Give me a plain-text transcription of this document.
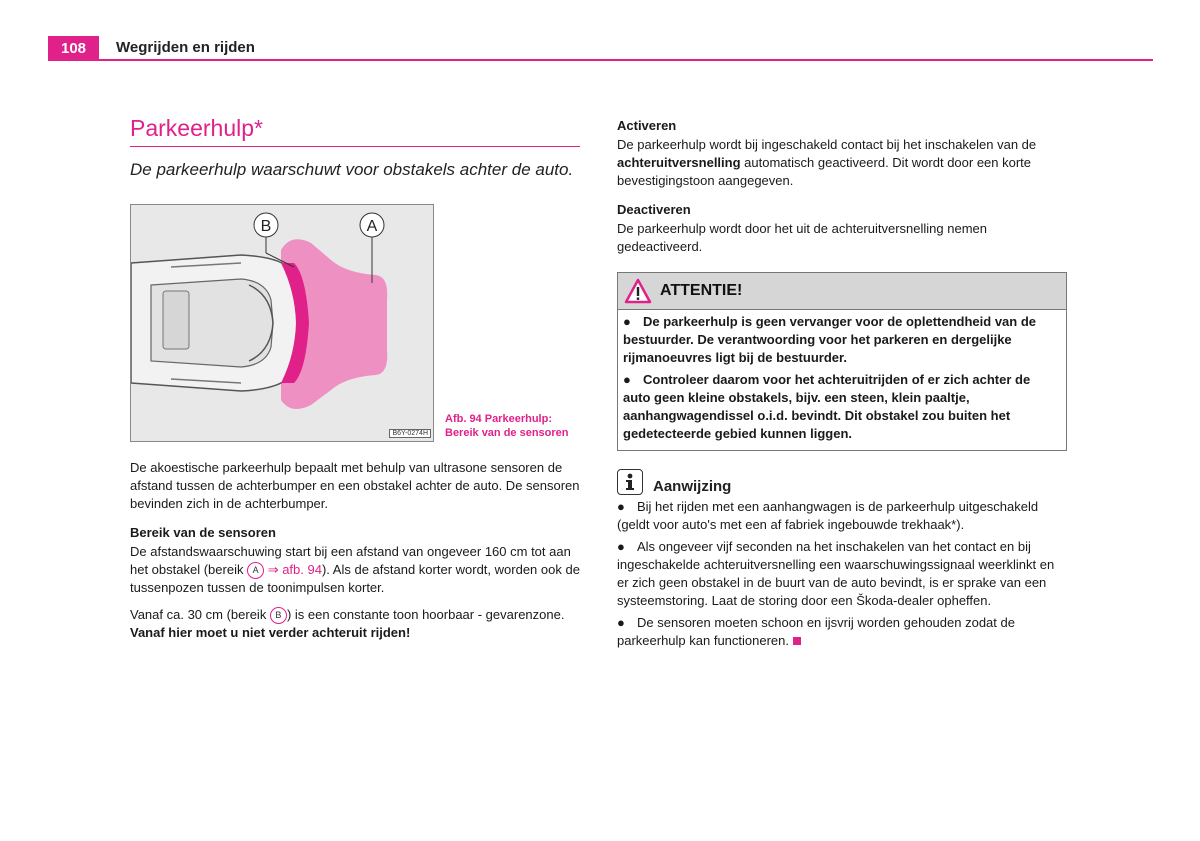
108	Wegrijden en rijden
Parkeerhulp*

De parkeerhulp waarschuwt voor obstakels achter de auto.

B	A
B6Y-0274H
Afb. 94 Parkeerhulp:
Bereik van de sensoren

De akoestische parkeerhulp bepaalt met behulp van ultrasone sensoren de afstand tussen de achterbumper en een obstakel achter de auto. De sensoren bevinden zich in de achterbumper.

Bereik van de sensoren

De afstandswaarschuwing start bij een afstand van ongeveer 160 cm tot aan het obstakel (bereik A ⇒ afb. 94). Als de afstand korter wordt, worden ook de tussenpozen tussen de toonimpulsen korter.

Vanaf ca. 30 cm (bereik B ) is een constante toon hoorbaar - gevarenzone. Vanaf hier moet u niet verder achteruit rijden!

Activeren

De parkeerhulp wordt bij ingeschakeld contact bij het inschakelen van de achteruitversnelling automatisch geactiveerd. Dit wordt door een korte bevestigingstoon aangegeven.

Deactiveren

De parkeerhulp wordt door het uit de achteruitversnelling nemen gedeactiveerd.

ATTENTIE!

● De parkeerhulp is geen vervanger voor de oplettendheid van de bestuurder. De verantwoording voor het parkeren en dergelijke rijmanoeuvres ligt bij de bestuurder.

● Controleer daarom voor het achteruitrijden of er zich achter de auto geen kleine obstakels, bijv. een steen, klein paaltje, aanhangwagendissel o.i.d. bevindt. Dit obstakel zou buiten het gedetecteerde gebied kunnen liggen.

Aanwijzing

● Bij het rijden met een aanhangwagen is de parkeerhulp uitgeschakeld (geldt voor auto's met een af fabriek ingebouwde trekhaak*).

● Als ongeveer vijf seconden na het inschakelen van het contact en bij ingeschakelde achteruitversnelling een waarschuwingssignaal weerklinkt en er zich geen obstakel in de buurt van de auto bevindt, is er sprake van een systeemstoring. Laat de storing door een Škoda-dealer opheffen.

● De sensoren moeten schoon en ijsvrij worden gehouden zodat de parkeerhulp kan functioneren.
